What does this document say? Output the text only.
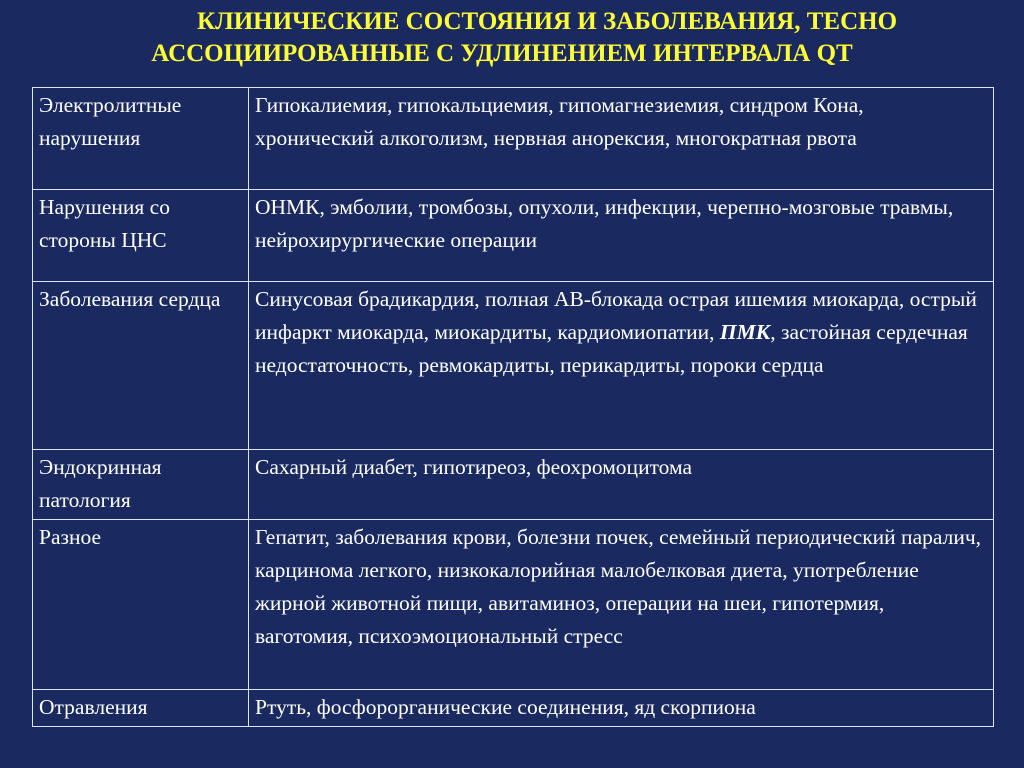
КЛИНИЧЕСКИЕ СОСТОЯНИЯ И ЗАБОЛЕВАНИЯ, ТЕСНО
АССОЦИИРОВАННЫЕ С УДЛИНЕНИЕМ ИНТЕРВАЛА QT
Электролитные нарушения	Гипокалиемия, гипокальциемия, гипомагнезиемия, синдром Кона, хронический алкоголизм, нервная анорексия, многократная рвота
Нарушения со стороны ЦНС	ОНМК, эмболии, тромбозы, опухоли, инфекции, черепно-мозговые травмы, нейрохирургические операции
Заболевания сердца	Синусовая брадикардия, полная АВ-блокада острая ишемия миокарда, острый инфаркт миокарда, миокардиты, кардиомиопатии, ПМК, застойная сердечная недостаточность, ревмокардиты, перикардиты, пороки сердца
Эндокринная патология	Сахарный диабет, гипотиреоз, феохромоцитома
Разное	Гепатит, заболевания крови, болезни почек, семейный периодический паралич, карцинома легкого, низкокалорийная малобелковая диета, употребление жирной животной пищи, авитаминоз, операции на шеи, гипотермия, ваготомия, психоэмоциональный стресс
Отравления	Ртуть, фосфорорганические соединения, яд скорпиона
